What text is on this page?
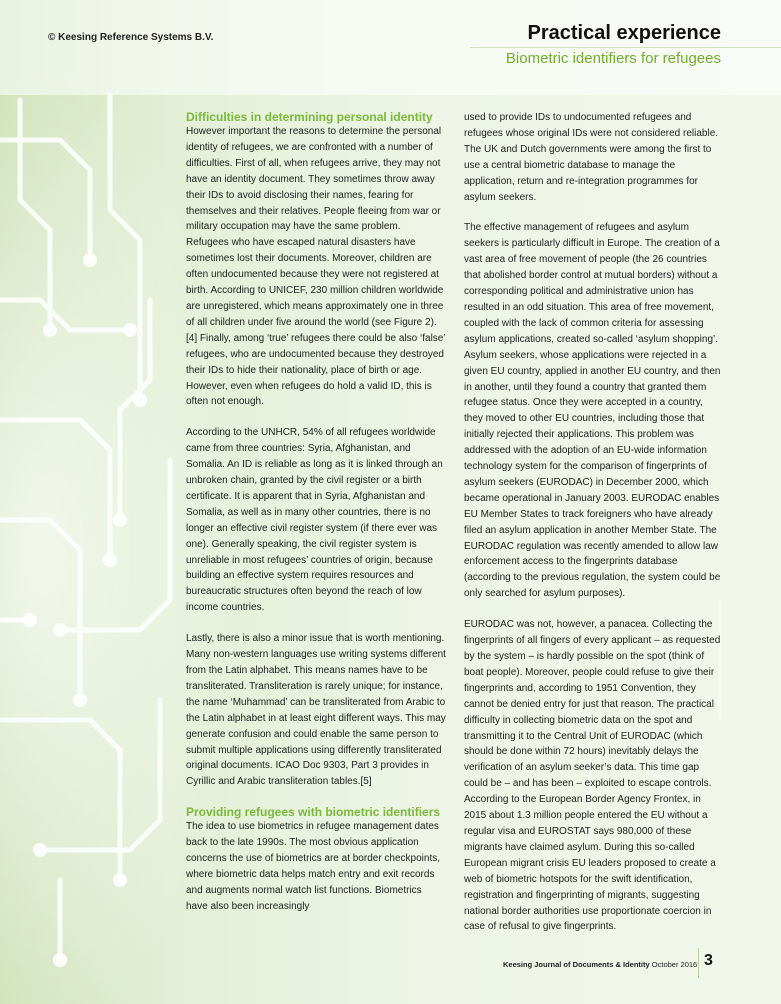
© Keesing Reference Systems B.V.	Practical experience
Biometric identifiers for refugees
Difficulties in determining personal identity

However important the reasons to determine the personal identity of refugees, we are confronted with a number of difficulties. First of all, when refugees arrive, they may not have an identity document. They sometimes throw away their IDs to avoid disclosing their names, fearing for themselves and their relatives. People fleeing from war or military occupation may have the same problem. Refugees who have escaped natural disasters have sometimes lost their documents. Moreover, children are often undocumented because they were not registered at birth. According to UNICEF, 230 million children worldwide are unregistered, which means approximately one in three of all children under five around the world (see Figure 2).[4] Finally, among ‘true’ refugees there could be also ‘false’ refugees, who are undocumented because they destroyed their IDs to hide their nationality, place of birth or age. However, even when refugees do hold a valid ID, this is often not enough.

According to the UNHCR, 54% of all refugees worldwide came from three countries: Syria, Afghanistan, and Somalia. An ID is reliable as long as it is linked through an unbroken chain, granted by the civil register or a birth certificate. It is apparent that in Syria, Afghanistan and Somalia, as well as in many other countries, there is no longer an effective civil register system (if there ever was one). Generally speaking, the civil register system is unreliable in most refugees’ countries of origin, because building an effective system requires resources and bureaucratic structures often beyond the reach of low income countries.

Lastly, there is also a minor issue that is worth mentioning. Many non-western languages use writing systems different from the Latin alphabet. This means names have to be transliterated. Transliteration is rarely unique; for instance, the name ‘Muhammad’ can be transliterated from Arabic to the Latin alphabet in at least eight different ways. This may generate confusion and could enable the same person to submit multiple applications using differently transliterated original documents. ICAO Doc 9303, Part 3 provides in Cyrillic and Arabic transliteration tables.[5]

Providing refugees with biometric identifiers

The idea to use biometrics in refugee management dates back to the late 1990s. The most obvious application concerns the use of biometrics are at border checkpoints, where biometric data helps match entry and exit records and augments normal watch list functions. Biometrics have also been increasingly

used to provide IDs to undocumented refugees and refugees whose original IDs were not considered reliable. The UK and Dutch governments were among the first to use a central biometric database to manage the application, return and re-integration programmes for asylum seekers.

The effective management of refugees and asylum seekers is particularly difficult in Europe. The creation of a vast area of free movement of people (the 26 countries that abolished border control at mutual borders) without a corresponding political and administrative union has resulted in an odd situation. This area of free movement, coupled with the lack of common criteria for assessing asylum applications, created so-called ‘asylum shopping’. Asylum seekers, whose applications were rejected in a given EU country, applied in another EU country, and then in another, until they found a country that granted them refugee status. Once they were accepted in a country, they moved to other EU countries, including those that initially rejected their applications. This problem was addressed with the adoption of an EU-wide information technology system for the comparison of fingerprints of asylum seekers (EURODAC) in December 2000, which became operational in January 2003. EURODAC enables EU Member States to track foreigners who have already filed an asylum application in another Member State. The EURODAC regulation was recently amended to allow law enforcement access to the fingerprints database (according to the previous regulation, the system could be only searched for asylum purposes).

EURODAC was not, however, a panacea. Collecting the fingerprints of all fingers of every applicant – as requested by the system – is hardly possible on the spot (think of boat people). Moreover, people could refuse to give their fingerprints and, according to 1951 Convention, they cannot be denied entry for just that reason. The practical difficulty in collecting biometric data on the spot and transmitting it to the Central Unit of EURODAC (which should be done within 72 hours) inevitably delays the verification of an asylum seeker’s data. This time gap could be – and has been – exploited to escape controls. According to the European Border Agency Frontex, in 2015 about 1.3 million people entered the EU without a regular visa and EUROSTAT says 980,000 of these migrants have claimed asylum. During this so-called European migrant crisis EU leaders proposed to create a web of biometric hotspots for the swift identification, registration and fingerprinting of migrants, suggesting national border authorities use proportionate coercion in case of refusal to give fingerprints.

Keesing Journal of Documents & Identity October 2016 3
